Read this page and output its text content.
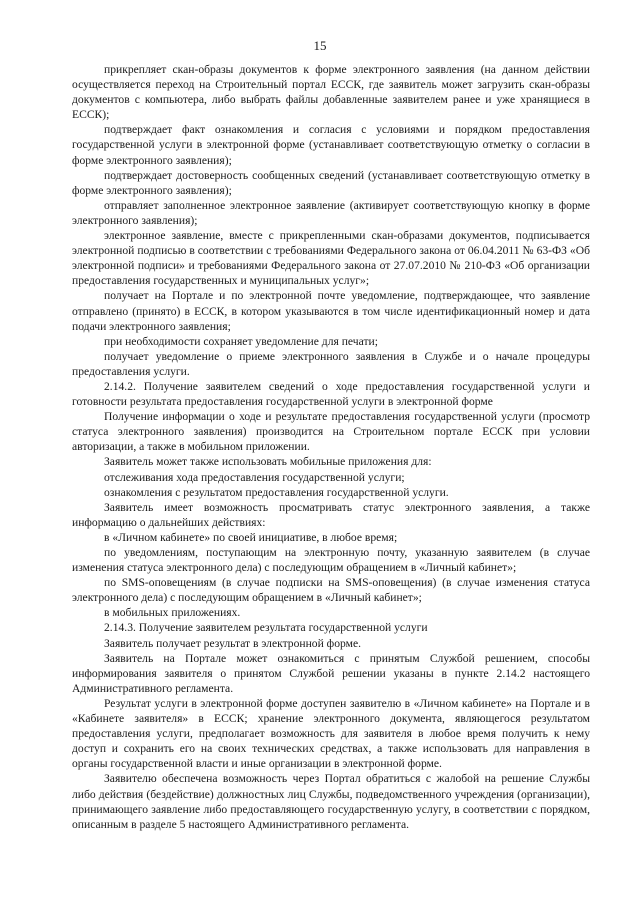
15

прикрепляет скан-образы документов к форме электронного заявления (на данном действии осуществляется переход на Строительный портал ЕССК, где заявитель может загрузить скан-образы документов с компьютера, либо выбрать файлы добавленные заявителем ранее и уже хранящиеся в ЕССК);

подтверждает факт ознакомления и согласия с условиями и порядком предоставления государственной услуги в электронной форме (устанавливает соответствующую отметку о согласии в форме электронного заявления);

подтверждает достоверность сообщенных сведений (устанавливает соответствующую отметку в форме электронного заявления);

отправляет заполненное электронное заявление (активирует соответствующую кнопку в форме электронного заявления);

электронное заявление, вместе с прикрепленными скан-образами документов, подписывается электронной подписью в соответствии с требованиями Федерального закона от 06.04.2011 № 63-ФЗ «Об электронной подписи» и требованиями Федерального закона от 27.07.2010 № 210-ФЗ «Об организации предоставления государственных и муниципальных услуг»;

получает на Портале и по электронной почте уведомление, подтверждающее, что заявление отправлено (принято) в ЕССК, в котором указываются в том числе идентификационный номер и дата подачи электронного заявления;

при необходимости сохраняет уведомление для печати;

получает уведомление о приеме электронного заявления в Службе и о начале процедуры предоставления услуги.

2.14.2. Получение заявителем сведений о ходе предоставления государственной услуги и готовности результата предоставления государственной услуги в электронной форме

Получение информации о ходе и результате предоставления государственной услуги (просмотр статуса электронного заявления) производится на Строительном портале ЕССК при условии авторизации, а также в мобильном приложении.

Заявитель может также использовать мобильные приложения для:

отслеживания хода предоставления государственной услуги;

ознакомления с результатом предоставления государственной услуги.

Заявитель имеет возможность просматривать статус электронного заявления, а также информацию о дальнейших действиях:

в «Личном кабинете» по своей инициативе, в любое время;

по уведомлениям, поступающим на электронную почту, указанную заявителем (в случае изменения статуса электронного дела) с последующим обращением в «Личный кабинет»;

по SMS-оповещениям (в случае подписки на SMS-оповещения) (в случае изменения статуса электронного дела) с последующим обращением в «Личный кабинет»;

в мобильных приложениях.

2.14.3. Получение заявителем результата государственной услуги

Заявитель получает результат в электронной форме.

Заявитель на Портале может ознакомиться с принятым Службой решением, способы информирования заявителя о принятом Службой решении указаны в пункте 2.14.2 настоящего Административного регламента.

Результат услуги в электронной форме доступен заявителю в «Личном кабинете» на Портале и в «Кабинете заявителя» в ЕССК; хранение электронного документа, являющегося результатом предоставления услуги, предполагает возможность для заявителя в любое время получить к нему доступ и сохранить его на своих технических средствах, а также использовать для направления в органы государственной власти и иные организации в электронной форме.

Заявителю обеспечена возможность через Портал обратиться с жалобой на решение Службы либо действия (бездействие) должностных лиц Службы, подведомственного учреждения (организации), принимающего заявление либо предоставляющего государственную услугу, в соответствии с порядком, описанным в разделе 5 настоящего Административного регламента.
